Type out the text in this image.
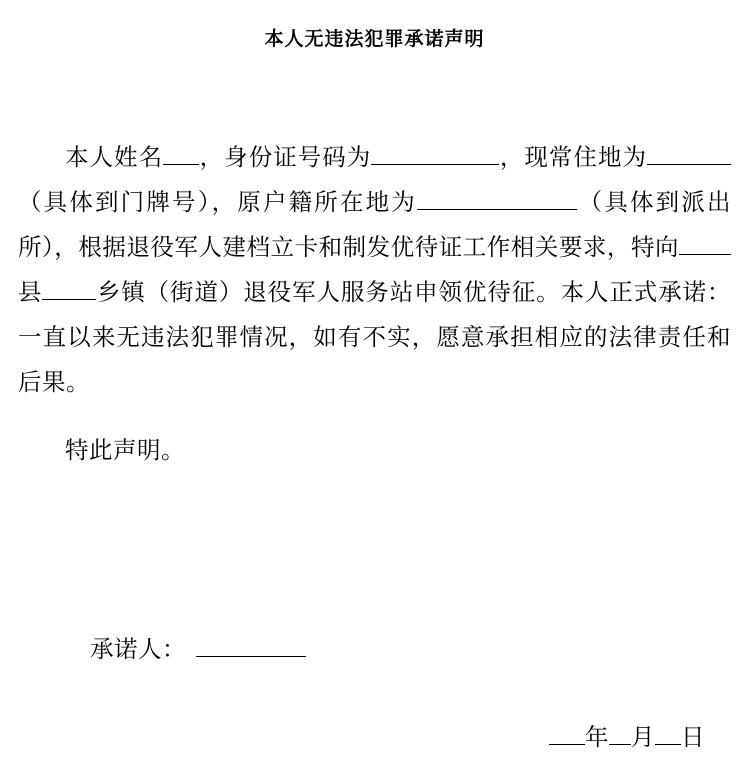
本人无违法犯罪承诺声明

本人姓名 ，身份证号码为	，现常住地为（具体到门牌号），原户籍所在地为	（具体到派出所），根据退役军人建档立卡和制发优待证工作相关要求，特向县 乡镇（街道）退役军人服务站申领优待征。本人正式承诺：一直以来无违法犯罪情况，如有不实，愿意承担相应的法律责任和后果。

特此声明。

承诺人：
年 月 日
